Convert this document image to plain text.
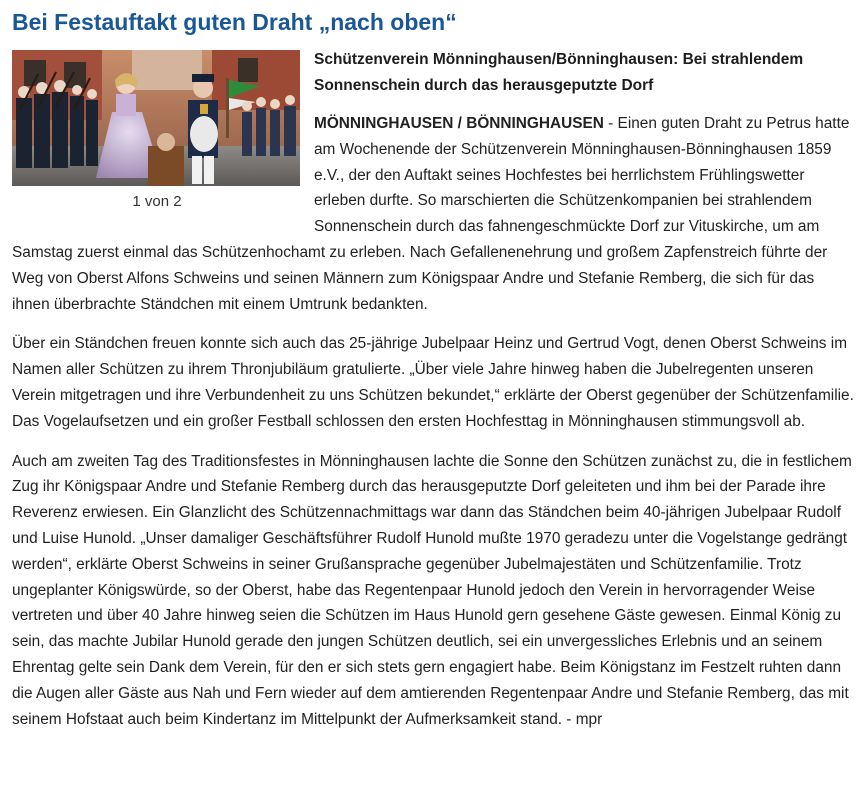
Bei Festauftakt guten Draht „nach oben“
1 von 2

Schützenverein Mönninghausen/Bönninghausen: Bei strahlendem Sonnenschein durch das herausgeputzte Dorf

MÖNNINGHAUSEN / BÖNNINGHAUSEN - Einen guten Draht zu Petrus hatte am Wochenende der Schützenverein Mönninghausen-Bönninghausen 1859 e.V., der den Auftakt seines Hochfestes bei herrlichstem Frühlingswetter erleben durfte. So marschierten die Schützenkompanien bei strahlendem Sonnenschein durch das fahnengeschmückte Dorf zur Vituskirche, um am Samstag zuerst einmal das Schützenhochamt zu erleben. Nach Gefallenenehrung und großem Zapfenstreich führte der Weg von Oberst Alfons Schweins und seinen Männern zum Königspaar Andre und Stefanie Remberg, die sich für das ihnen überbrachte Ständchen mit einem Umtrunk bedankten.

Über ein Ständchen freuen konnte sich auch das 25-jährige Jubelpaar Heinz und Gertrud Vogt, denen Oberst Schweins im Namen aller Schützen zu ihrem Thronjubiläum gratulierte. „Über viele Jahre hinweg haben die Jubelregenten unseren Verein mitgetragen und ihre Verbundenheit zu uns Schützen bekundet,“ erklärte der Oberst gegenüber der Schützenfamilie. Das Vogelaufsetzen und ein großer Festball schlossen den ersten Hochfesttag in Mönninghausen stimmungsvoll ab.

Auch am zweiten Tag des Traditionsfestes in Mönninghausen lachte die Sonne den Schützen zunächst zu, die in festlichem Zug ihr Königspaar Andre und Stefanie Remberg durch das herausgeputzte Dorf geleiteten und ihm bei der Parade ihre Reverenz erwiesen. Ein Glanzlicht des Schützennachmittags war dann das Ständchen beim 40-jährigen Jubelpaar Rudolf und Luise Hunold. „Unser damaliger Geschäftsführer Rudolf Hunold mußte 1970 geradezu unter die Vogelstange gedrängt werden“, erklärte Oberst Schweins in seiner Grußansprache gegenüber Jubelmajestäten und Schützenfamilie. Trotz ungeplanter Königswürde, so der Oberst, habe das Regentenpaar Hunold jedoch den Verein in hervorragender Weise vertreten und über 40 Jahre hinweg seien die Schützen im Haus Hunold gern gesehene Gäste gewesen. Einmal König zu sein, das machte Jubilar Hunold gerade den jungen Schützen deutlich, sei ein unvergessliches Erlebnis und an seinem Ehrentag gelte sein Dank dem Verein, für den er sich stets gern engagiert habe. Beim Königstanz im Festzelt ruhten dann die Augen aller Gäste aus Nah und Fern wieder auf dem amtierenden Regentenpaar Andre und Stefanie Remberg, das mit seinem Hofstaat auch beim Kindertanz im Mittelpunkt der Aufmerksamkeit stand. - mpr
